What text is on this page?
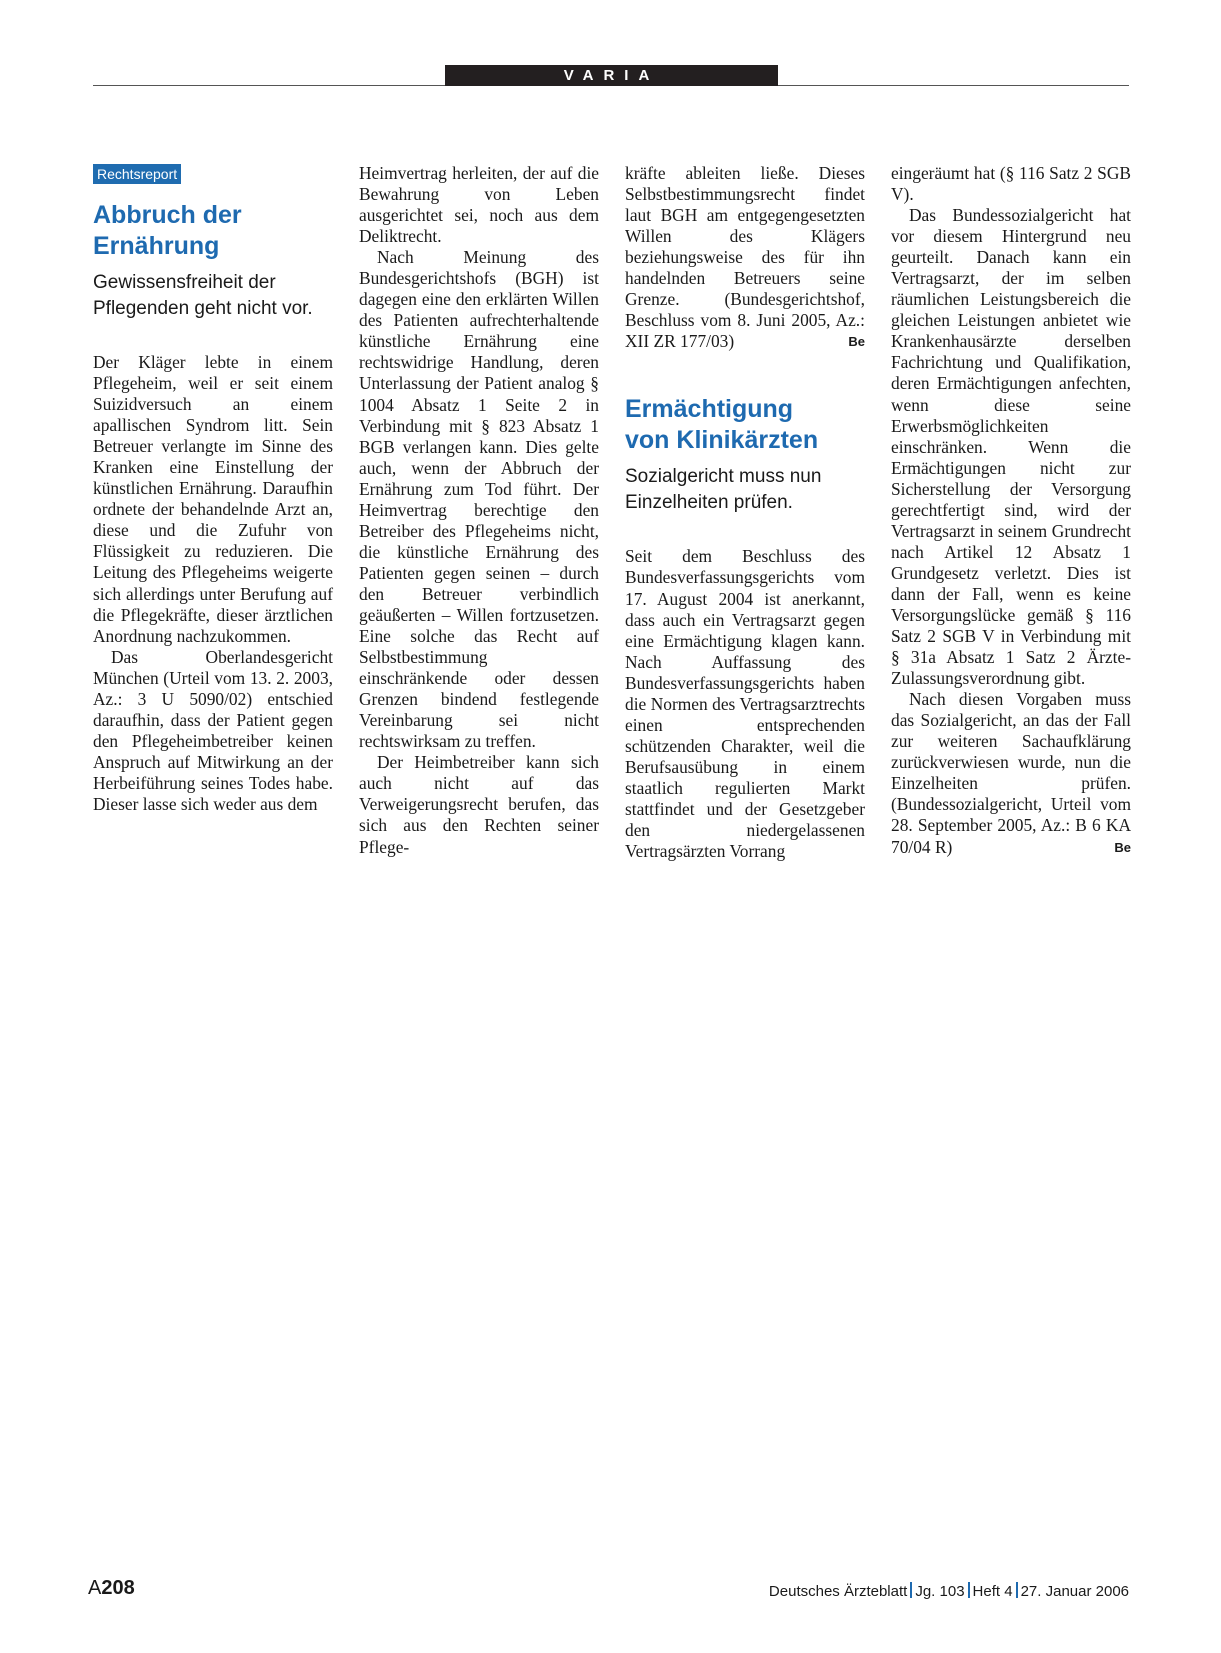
VARIA
Rechtsreport
Abbruch der
Ernährung
Gewissensfreiheit der Pflegenden geht nicht vor.

Der Kläger lebte in einem Pflegeheim, weil er seit einem Suizidversuch an einem apallischen Syndrom litt. Sein Betreuer verlangte im Sinne des Kranken eine Einstellung der künstlichen Ernährung. Daraufhin ordnete der behandelnde Arzt an, diese und die Zufuhr von Flüssigkeit zu reduzieren. Die Leitung des Pflegeheims weigerte sich allerdings unter Berufung auf die Pflegekräfte, dieser ärztlichen Anordnung nachzukommen.

Das Oberlandesgericht München (Urteil vom 13. 2. 2003, Az.: 3 U 5090/02) entschied daraufhin, dass der Patient gegen den Pflegeheimbetreiber keinen Anspruch auf Mitwirkung an der Herbeiführung seines Todes habe. Dieser lasse sich weder aus dem

Heimvertrag herleiten, der auf die Bewahrung von Leben ausgerichtet sei, noch aus dem Deliktrecht.

Nach Meinung des Bundesgerichtshofs (BGH) ist dagegen eine den erklärten Willen des Patienten aufrechterhaltende künstliche Ernährung eine rechtswidrige Handlung, deren Unterlassung der Patient analog § 1004 Absatz 1 Seite 2 in Verbindung mit § 823 Absatz 1 BGB verlangen kann. Dies gelte auch, wenn der Abbruch der Ernährung zum Tod führt. Der Heimvertrag berechtige den Betreiber des Pflegeheims nicht, die künstliche Ernährung des Patienten gegen seinen – durch den Betreuer verbindlich geäußerten – Willen fortzusetzen. Eine solche das Recht auf Selbstbestimmung einschränkende oder dessen Grenzen bindend festlegende Vereinbarung sei nicht rechtswirksam zu treffen.

Der Heimbetreiber kann sich auch nicht auf das Verweigerungsrecht berufen, das sich aus den Rechten seiner Pflege-

kräfte ableiten ließe. Dieses Selbstbestimmungsrecht findet laut BGH am entgegengesetzten Willen des Klägers beziehungsweise des für ihn handelnden Betreuers seine Grenze. (Bundesgerichtshof, Beschluss vom 8. Juni 2005, Az.: XII ZR 177/03)	Be

Ermächtigung
von Klinikärzten
Sozialgericht muss nun Einzelheiten prüfen.

Seit dem Beschluss des Bundesverfassungsgerichts vom 17. August 2004 ist anerkannt, dass auch ein Vertragsarzt gegen eine Ermächtigung klagen kann. Nach Auffassung des Bundesverfassungsgerichts haben die Normen des Vertragsarztrechts einen entsprechenden schützenden Charakter, weil die Berufsausübung in einem staatlich regulierten Markt stattfindet und der Gesetzgeber den niedergelassenen Vertragsärzten Vorrang

eingeräumt hat (§ 116 Satz 2 SGB V).

Das Bundessozialgericht hat vor diesem Hintergrund neu geurteilt. Danach kann ein Vertragsarzt, der im selben räumlichen Leistungsbereich die gleichen Leistungen anbietet wie Krankenhausärzte derselben Fachrichtung und Qualifikation, deren Ermächtigungen anfechten, wenn diese seine Erwerbsmöglichkeiten einschränken. Wenn die Ermächtigungen nicht zur Sicherstellung der Versorgung gerechtfertigt sind, wird der Vertragsarzt in seinem Grundrecht nach Artikel 12 Absatz 1 Grundgesetz verletzt. Dies ist dann der Fall, wenn es keine Versorgungslücke gemäß § 116 Satz 2 SGB V in Verbindung mit § 31a Absatz 1 Satz 2 Ärzte-Zulassungsverordnung gibt.

Nach diesen Vorgaben muss das Sozialgericht, an das der Fall zur weiteren Sachaufklärung zurückverwiesen wurde, nun die Einzelheiten prüfen. (Bundessozialgericht, Urteil vom 28. September 2005, Az.: B 6 KA 70/04 R)	Be

A208	Deutsches Ärzteblatt Jg. 103 Heft 4 27. Januar 2006
